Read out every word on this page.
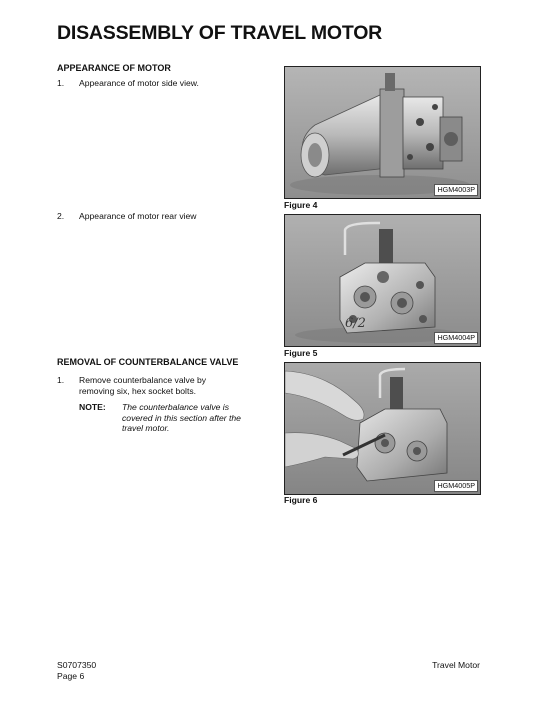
DISASSEMBLY OF TRAVEL MOTOR
APPEARANCE OF MOTOR
1. Appearance of motor side view.
2. Appearance of motor rear view
REMOVAL OF COUNTERBALANCE VALVE
1. Remove counterbalance valve by
removing six, hex socket bolts.
NOTE: The counterbalance valve is
covered in this section after the
travel motor.
HGM4003P
Figure 4
6/2
HGM4004P
Figure 5
HGM4005P
Figure 6
S0707350
Page 6
Travel Motor
